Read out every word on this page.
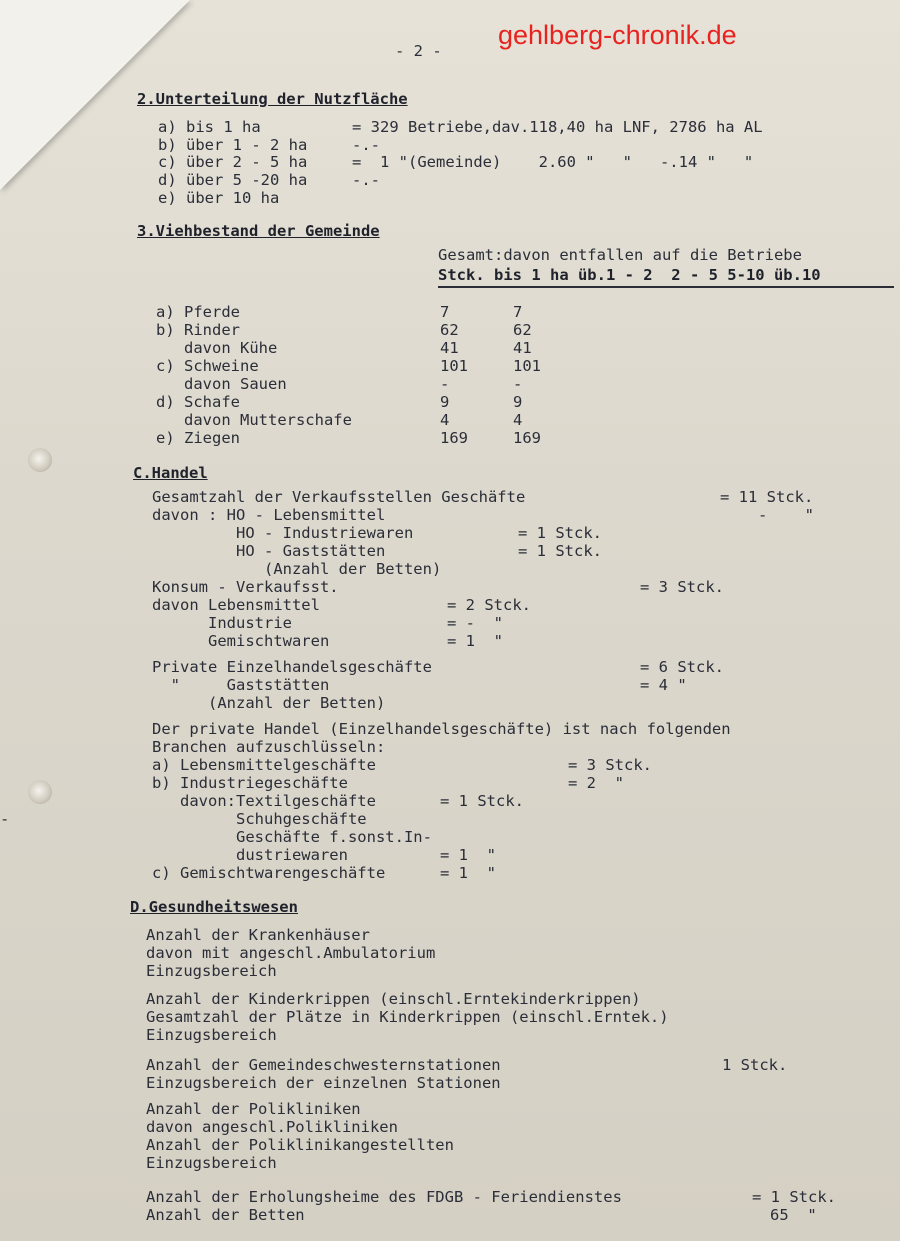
gehlberg-chronik.de
- 2 -
2.Unterteilung der Nutzfläche
a) bis 1 ha	= 329 Betriebe,dav.118,40 ha LNF, 2786 ha AL
b) über 1 - 2 ha	-.-
c) über 2 - 5 ha	=  1 "(Gemeinde)    2.60 "   "   -.14 "   "
d) über 5 -20 ha	-.-
e) über 10 ha
3.Viehbestand der Gemeinde
Gesamt:davon entfallen auf die Betriebe
Stck. bis 1 ha üb.1 - 2  2 - 5 5-10 üb.10
a) Pferde	7	7
b) Rinder	62	62
davon Kühe	41	41
c) Schweine	101	101
davon Sauen	-	-
d) Schafe	9	9
davon Mutterschafe	4	4
e) Ziegen	169	169
C.Handel
Gesamtzahl der Verkaufsstellen Geschäfte	= 11 Stck.
davon : HO - Lebensmittel	-    "
HO - Industriewaren	= 1 Stck.
HO - Gaststätten	= 1 Stck.
(Anzahl der Betten)
Konsum - Verkaufsst.	= 3 Stck.
davon Lebensmittel	= 2 Stck.
Industrie	= -  "
Gemischtwaren	= 1  "
Private Einzelhandelsgeschäfte	= 6 Stck.
"     Gaststätten	= 4 "
(Anzahl der Betten)
Der private Handel (Einzelhandelsgeschäfte) ist nach folgenden
Branchen aufzuschlüsseln:
a) Lebensmittelgeschäfte	= 3 Stck.
b) Industriegeschäfte	= 2  "
davon:Textilgeschäfte	= 1 Stck.
Schuhgeschäfte
-
Geschäfte f.sonst.In-
dustriewaren	= 1  "
c) Gemischtwarengeschäfte	= 1  "
D.Gesundheitswesen
Anzahl der Krankenhäuser
davon mit angeschl.Ambulatorium
Einzugsbereich
Anzahl der Kinderkrippen (einschl.Erntekinderkrippen)
Gesamtzahl der Plätze in Kinderkrippen (einschl.Erntek.)
Einzugsbereich
Anzahl der Gemeindeschwesternstationen	1 Stck.
Einzugsbereich der einzelnen Stationen
Anzahl der Polikliniken
davon angeschl.Polikliniken
Anzahl der Poliklinikangestellten
Einzugsbereich
Anzahl der Erholungsheime des FDGB - Feriendienstes	= 1 Stck.
Anzahl der Betten	65  "
